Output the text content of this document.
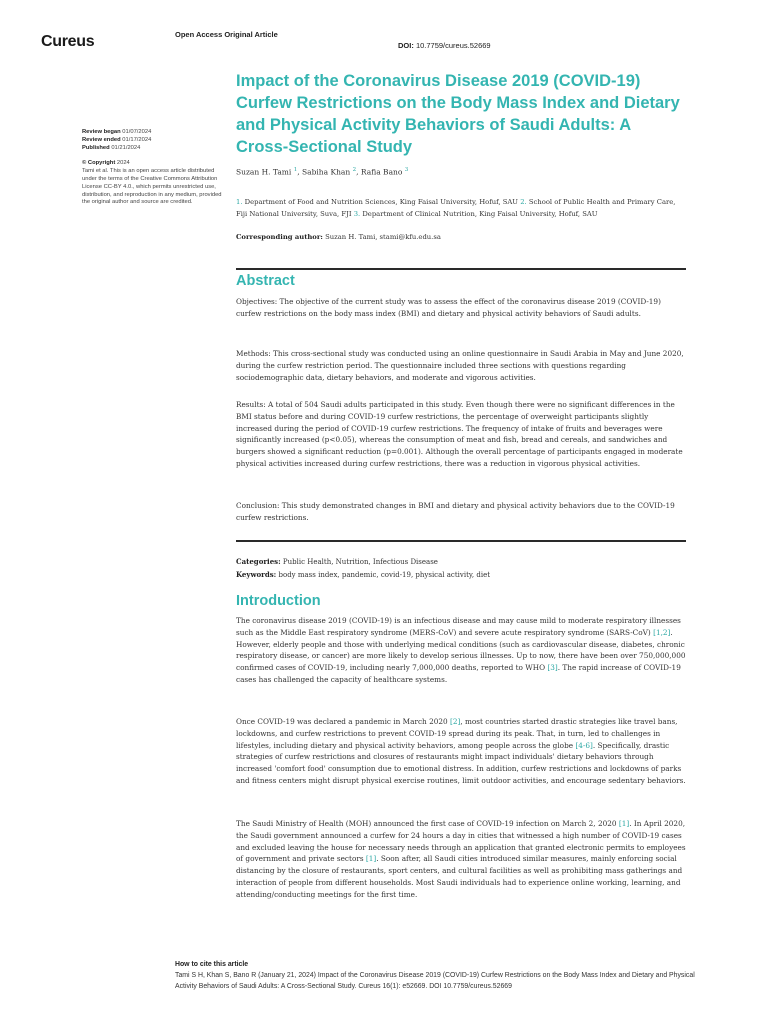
Cureus	Open Access Original Article
DOI: 10.7759/cureus.52669
Review began 01/07/2024
Review ended 01/17/2024
Published 01/21/2024
© Copyright 2024
Tami et al. This is an open access article distributed under the terms of the Creative Commons Attribution License CC-BY 4.0., which permits unrestricted use, distribution, and reproduction in any medium, provided the original author and source are credited.
Impact of the Coronavirus Disease 2019 (COVID-19) Curfew Restrictions on the Body Mass Index and Dietary and Physical Activity Behaviors of Saudi Adults: A Cross-Sectional Study
Suzan H. Tami $^1$, Sabiha Khan $^2$, Rafia Bano $^3$
1. Department of Food and Nutrition Sciences, King Faisal University, Hofuf, SAU 2. School of Public Health and Primary Care, Fiji National University, Suva, FJI 3. Department of Clinical Nutrition, King Faisal University, Hofuf, SAU
Corresponding author: Suzan H. Tami, stami@kfu.edu.sa
Abstract

Objectives: The objective of the current study was to assess the effect of the coronavirus disease 2019 (COVID-19) curfew restrictions on the body mass index (BMI) and dietary and physical activity behaviors of Saudi adults.

Methods: This cross-sectional study was conducted using an online questionnaire in Saudi Arabia in May and June 2020, during the curfew restriction period. The questionnaire included three sections with questions regarding sociodemographic data, dietary behaviors, and moderate and vigorous activities.

Results: A total of 504 Saudi adults participated in this study. Even though there were no significant differences in the BMI status before and during COVID-19 curfew restrictions, the percentage of overweight participants slightly increased during the period of COVID-19 curfew restrictions. The frequency of intake of fruits and beverages were significantly increased (p<0.05), whereas the consumption of meat and fish, bread and cereals, and sandwiches and burgers showed a significant reduction (p=0.001). Although the overall percentage of participants engaged in moderate physical activities increased during curfew restrictions, there was a reduction in vigorous physical activities.

Conclusion: This study demonstrated changes in BMI and dietary and physical activity behaviors due to the COVID-19 curfew restrictions.

Categories: Public Health, Nutrition, Infectious Disease
Keywords: body mass index, pandemic, covid-19, physical activity, diet
Introduction

The coronavirus disease 2019 (COVID-19) is an infectious disease and may cause mild to moderate respiratory illnesses such as the Middle East respiratory syndrome (MERS-CoV) and severe acute respiratory syndrome (SARS-CoV) [1,2]. However, elderly people and those with underlying medical conditions (such as cardiovascular disease, diabetes, chronic respiratory disease, or cancer) are more likely to develop serious illnesses. Up to now, there have been over 750,000,000 confirmed cases of COVID-19, including nearly 7,000,000 deaths, reported to WHO [3]. The rapid increase of COVID-19 cases has challenged the capacity of healthcare systems.

Once COVID-19 was declared a pandemic in March 2020 [2], most countries started drastic strategies like travel bans, lockdowns, and curfew restrictions to prevent COVID-19 spread during its peak. That, in turn, led to challenges in lifestyles, including dietary and physical activity behaviors, among people across the globe [4-6]. Specifically, drastic strategies of curfew restrictions and closures of restaurants might impact individuals' dietary behaviors through increased 'comfort food' consumption due to emotional distress. In addition, curfew restrictions and lockdowns of parks and fitness centers might disrupt physical exercise routines, limit outdoor activities, and encourage sedentary behaviors.

The Saudi Ministry of Health (MOH) announced the first case of COVID-19 infection on March 2, 2020 [1]. In April 2020, the Saudi government announced a curfew for 24 hours a day in cities that witnessed a high number of COVID-19 cases and excluded leaving the house for necessary needs through an application that granted electronic permits to employees of government and private sectors [1]. Soon after, all Saudi cities introduced similar measures, mainly enforcing social distancing by the closure of restaurants, sport centers, and cultural facilities as well as prohibiting mass gatherings and interaction of people from different households. Most Saudi individuals had to experience online working, learning, and attending/conducting meetings for the first time.

How to cite this article
Tami S H, Khan S, Bano R (January 21, 2024) Impact of the Coronavirus Disease 2019 (COVID-19) Curfew Restrictions on the Body Mass Index and Dietary and Physical Activity Behaviors of Saudi Adults: A Cross-Sectional Study. Cureus 16(1): e52669. DOI 10.7759/cureus.52669
